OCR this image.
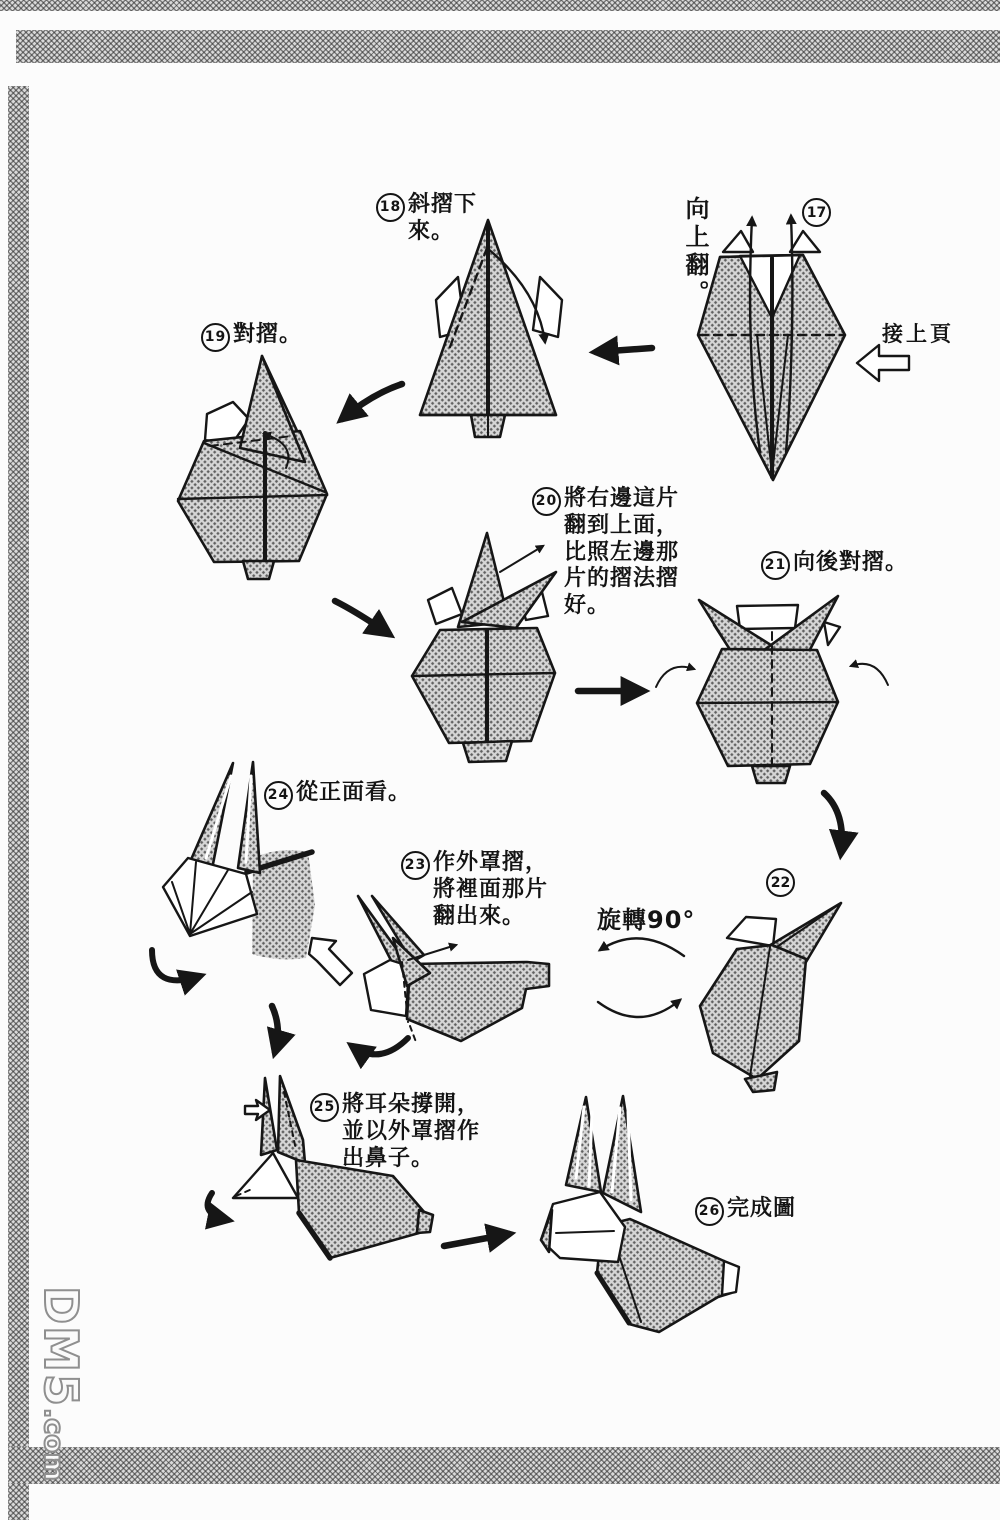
17
向上翻。
接上頁
18 斜摺下
來。
19 對摺。
20 將右邊這片
翻到上面，
比照左邊那
片的摺法摺
好。
21 向後對摺。
22
旋轉90°
23 作外罩摺，
將裡面那片
翻出來。
24 從正面看。
25 將耳朵撐開，
並以外罩摺作
出鼻子。
26 完成圖
DM5.com
